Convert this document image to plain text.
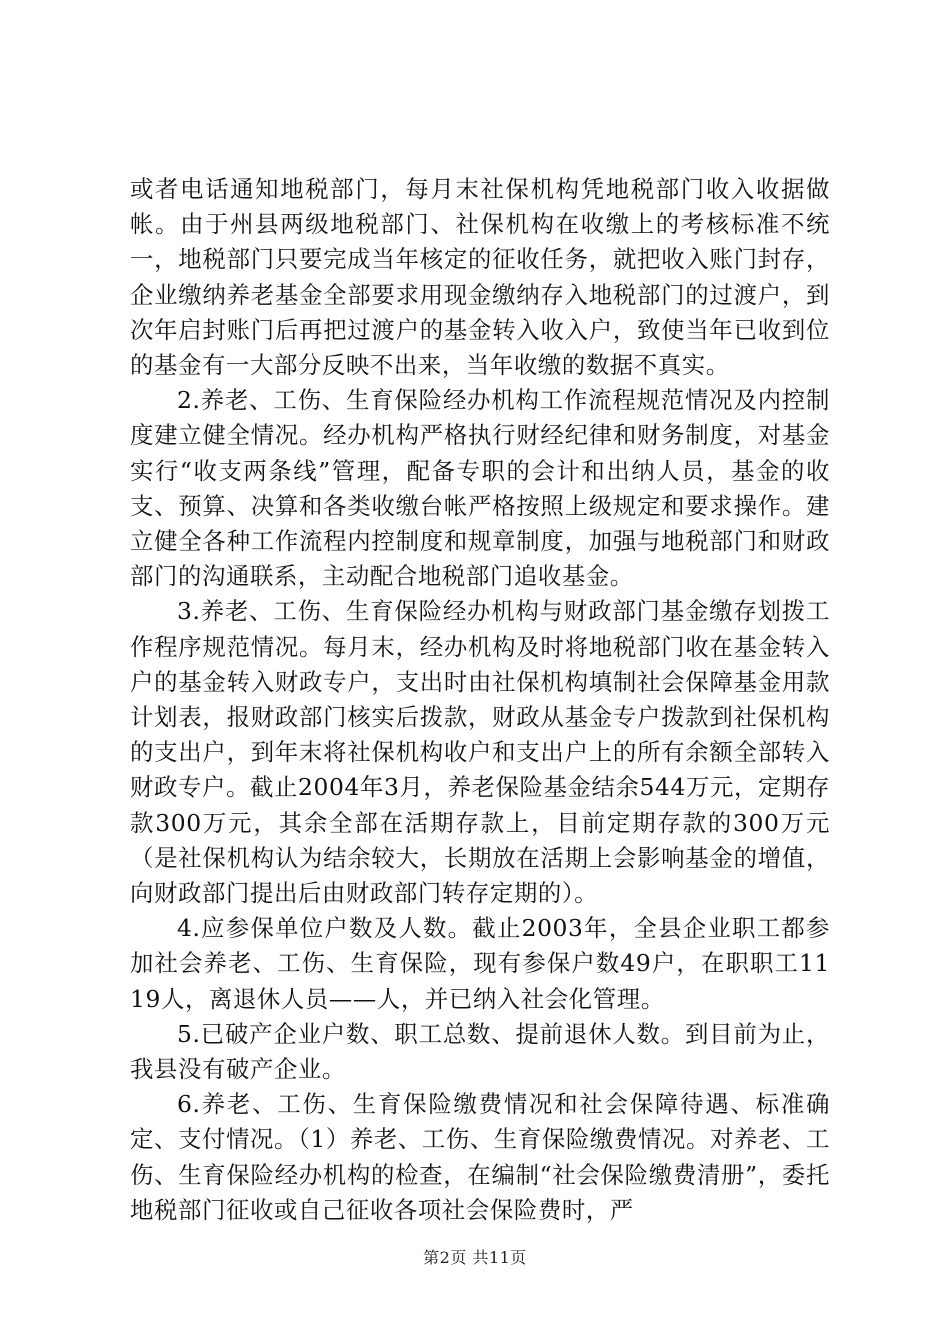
或者电话通知地税部门，每月末社保机构凭地税部门收入收据做帐。由于州县两级地税部门、社保机构在收缴上的考核标准不统一，地税部门只要完成当年核定的征收任务，就把收入账门封存，企业缴纳养老基金全部要求用现金缴纳存入地税部门的过渡户，到次年启封账门后再把过渡户的基金转入收入户，致使当年已收到位的基金有一大部分反映不出来，当年收缴的数据不真实。

2.养老、工伤、生育保险经办机构工作流程规范情况及内控制度建立健全情况。经办机构严格执行财经纪律和财务制度，对基金实行“收支两条线”管理，配备专职的会计和出纳人员，基金的收支、预算、决算和各类收缴台帐严格按照上级规定和要求操作。建立健全各种工作流程内控制度和规章制度，加强与地税部门和财政部门的沟通联系，主动配合地税部门追收基金。

3.养老、工伤、生育保险经办机构与财政部门基金缴存划拨工作程序规范情况。每月末，经办机构及时将地税部门收在基金转入户的基金转入财政专户，支出时由社保机构填制社会保障基金用款计划表，报财政部门核实后拨款，财政从基金专户拨款到社保机构的支出户，到年末将社保机构收户和支出户上的所有余额全部转入财政专户。截止2004年3月，养老保险基金结余544万元，定期存款300万元，其余全部在活期存款上，目前定期存款的300万元（是社保机构认为结余较大，长期放在活期上会影响基金的增值，向财政部门提出后由财政部门转存定期的）。

4.应参保单位户数及人数。截止2003年，全县企业职工都参加社会养老、工伤、生育保险，现有参保户数49户，在职职工1119人，离退休人员——人，并已纳入社会化管理。

5.已破产企业户数、职工总数、提前退休人数。到目前为止，我县没有破产企业。

6.养老、工伤、生育保险缴费情况和社会保障待遇、标准确定、支付情况。（1）养老、工伤、生育保险缴费情况。对养老、工伤、生育保险经办机构的检查，在编制“社会保险缴费清册”，委托地税部门征收或自己征收各项社会保险费时，严

第2页 共11页
